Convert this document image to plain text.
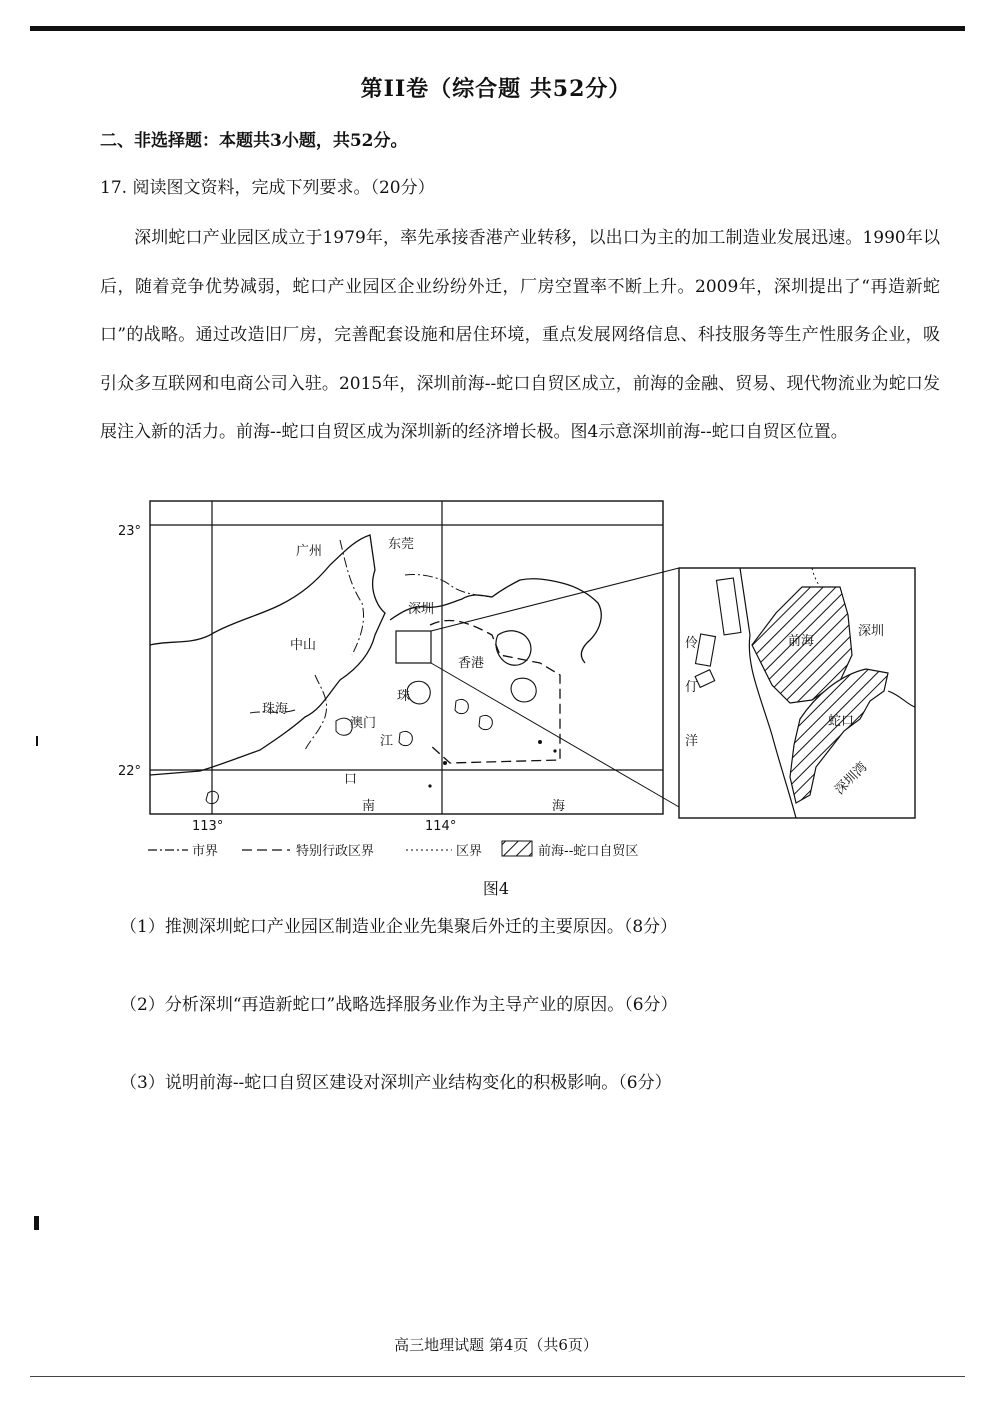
第II卷（综合题 共52分）
二、非选择题：本题共3小题，共52分。
17. 阅读图文资料，完成下列要求。（20分）
深圳蛇口产业园区成立于1979年，率先承接香港产业转移，以出口为主的加工制造业发展迅速。1990年以后，随着竞争优势减弱，蛇口产业园区企业纷纷外迁，厂房空置率不断上升。2009年，深圳提出了“再造新蛇口”的战略。通过改造旧厂房，完善配套设施和居住环境，重点发展网络信息、科技服务等生产性服务企业，吸引众多互联网和电商公司入驻。2015年，深圳前海--蛇口自贸区成立，前海的金融、贸易、现代物流业为蛇口发展注入新的活力。前海--蛇口自贸区成为深圳新的经济增长极。图4示意深圳前海--蛇口自贸区位置。
23°
22°
113°	114°
广州	东莞
深圳
中山
香港
珠海
澳门
珠
江
口
南	海
前海
蛇口
深圳
伶
仃
洋
深圳湾
市界	特别行政区界	区界	前海--蛇口自贸区
图4
（1）推测深圳蛇口产业园区制造业企业先集聚后外迁的主要原因。（8分）
（2）分析深圳“再造新蛇口”战略选择服务业作为主导产业的原因。（6分）
（3）说明前海--蛇口自贸区建设对深圳产业结构变化的积极影响。（6分）
高三地理试题 第4页（共6页）
